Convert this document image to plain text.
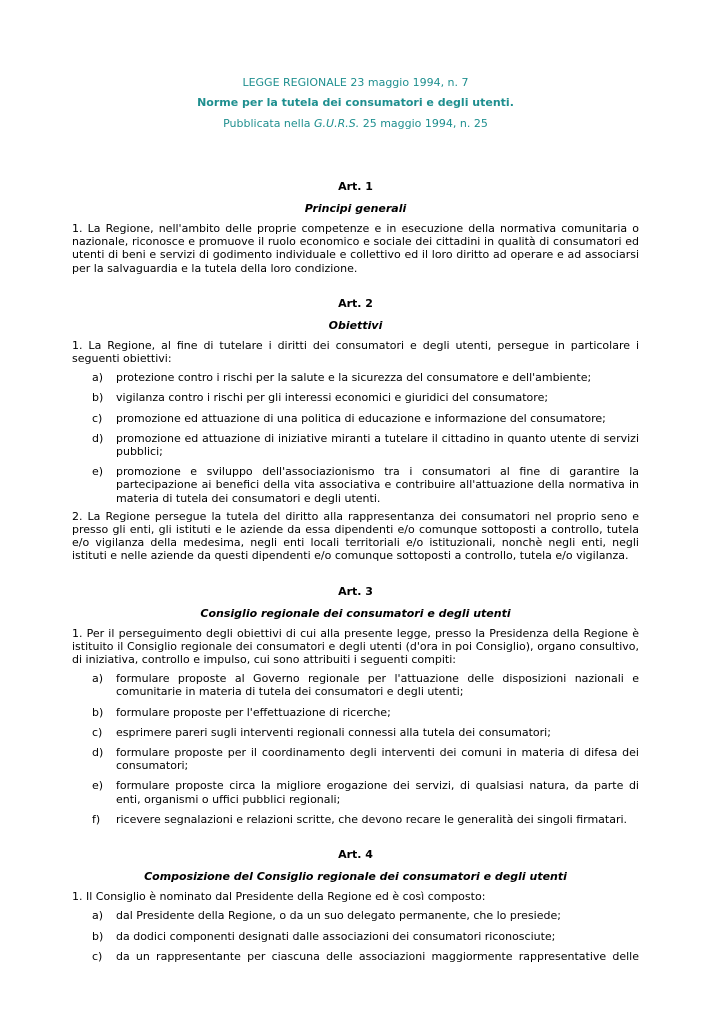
LEGGE REGIONALE 23 maggio 1994, n. 7

Norme per la tutela dei consumatori e degli utenti.

Pubblicata nella G.U.R.S. 25 maggio 1994, n. 25

Art. 1

Principi generali

1. La Regione, nell'ambito delle proprie competenze e in esecuzione della normativa comunitaria o nazionale, riconosce e promuove il ruolo economico e sociale dei cittadini in qualità di consumatori ed utenti di beni e servizi di godimento individuale e collettivo ed il loro diritto ad operare e ad associarsi per la salvaguardia e la tutela della loro condizione.

Art. 2

Obiettivi

1. La Regione, al fine di tutelare i diritti dei consumatori e degli utenti, persegue in particolare i seguenti obiettivi:

a)	protezione contro i rischi per la salute e la sicurezza del consumatore e dell'ambiente;
b)	vigilanza contro i rischi per gli interessi economici e giuridici del consumatore;
c)	promozione ed attuazione di una politica di educazione e informazione del consumatore;
d)	promozione ed attuazione di iniziative miranti a tutelare il cittadino in quanto utente di servizi pubblici;
e)	promozione e sviluppo dell'associazionismo tra i consumatori al fine di garantire la partecipazione ai benefici della vita associativa e contribuire all'attuazione della normativa in materia di tutela dei consumatori e degli utenti.

2. La Regione persegue la tutela del diritto alla rappresentanza dei consumatori nel proprio seno e presso gli enti, gli istituti e le aziende da essa dipendenti e/o comunque sottoposti a controllo, tutela e/o vigilanza della medesima, negli enti locali territoriali e/o istituzionali, nonchè negli enti, negli istituti e nelle aziende da questi dipendenti e/o comunque sottoposti a controllo, tutela e/o vigilanza.

Art. 3

Consiglio regionale dei consumatori e degli utenti

1. Per il perseguimento degli obiettivi di cui alla presente legge, presso la Presidenza della Regione è istituito il Consiglio regionale dei consumatori e degli utenti (d'ora in poi Consiglio), organo consultivo, di iniziativa, controllo e impulso, cui sono attribuiti i seguenti compiti:

a)	formulare proposte al Governo regionale per l'attuazione delle disposizioni nazionali e comunitarie in materia di tutela dei consumatori e degli utenti;
b)	formulare proposte per l'effettuazione di ricerche;
c)	esprimere pareri sugli interventi regionali connessi alla tutela dei consumatori;
d)	formulare proposte per il coordinamento degli interventi dei comuni in materia di difesa dei consumatori;
e)	formulare proposte circa la migliore erogazione dei servizi, di qualsiasi natura, da parte di enti, organismi o uffici pubblici regionali;
f)	ricevere segnalazioni e relazioni scritte, che devono recare le generalità dei singoli firmatari.

Art. 4

Composizione del Consiglio regionale dei consumatori e degli utenti

1. Il Consiglio è nominato dal Presidente della Regione ed è così composto:

a)	dal Presidente della Regione, o da un suo delegato permanente, che lo presiede;
b)	da dodici componenti designati dalle associazioni dei consumatori riconosciute;
c)	da un rappresentante per ciascuna delle associazioni maggiormente rappresentative delle
